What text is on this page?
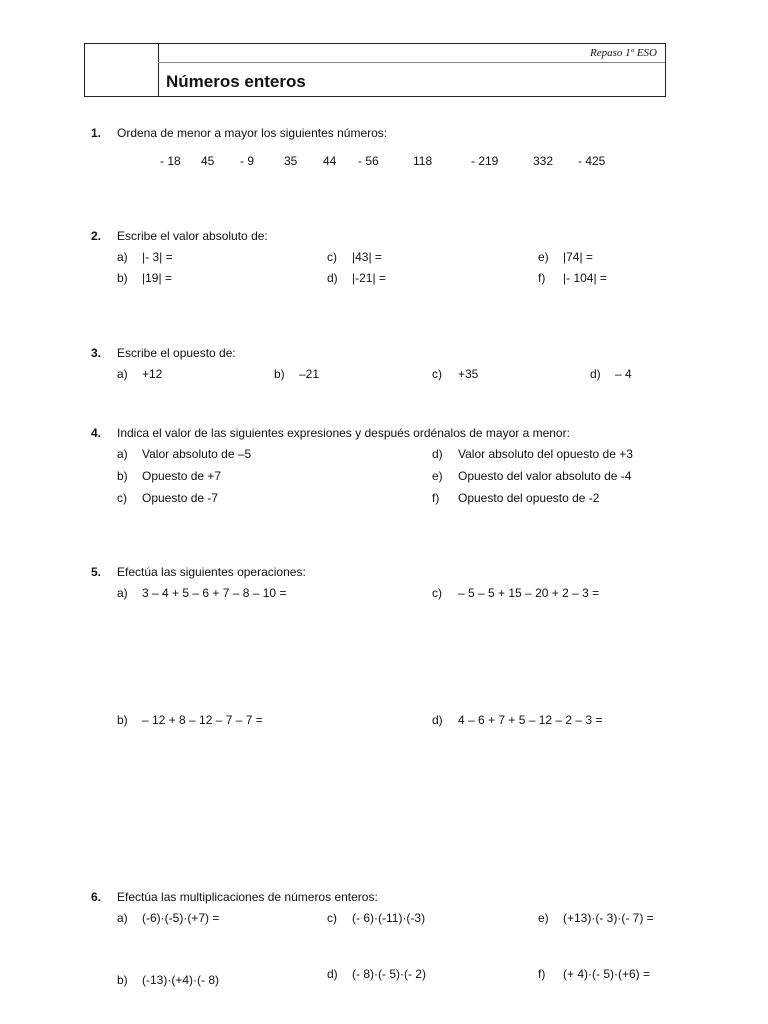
Repaso 1º ESO
Números enteros
1. Ordena de menor a mayor los siguientes números:
- 18 45 - 9 35 44 - 56	118	- 219	332 - 425
2. Escribe el valor absoluto de:
a) |- 3| =
b) |19| =
c) |43| =
d) |-21| =
e) |74| =
f) |- 104| =
3. Escribe el opuesto de:
a) +12	b) –21	c) +35	d) – 4
4. Indica el valor de las siguientes expresiones y después ordénalos de mayor a menor:
a) Valor absoluto de –5
b) Opuesto de +7
c) Opuesto de -7
d) Valor absoluto del opuesto de +3
e) Opuesto del valor absoluto de -4
f) Opuesto del opuesto de -2
5. Efectúa las siguientes operaciones:
a) 3 – 4 + 5 – 6 + 7 – 8 – 10 =	c) – 5 – 5 + 15 – 20 + 2 – 3 =
b) – 12 + 8 – 12 – 7 – 7 =	d) 4 – 6 + 7 + 5 – 12 – 2 – 3 =
6. Efectúa las multiplicaciones de números enteros:
a) (-6)·(-5)·(+7) =	c) (- 6)·(-11)·(-3)	e) (+13)·(- 3)·(- 7) =
b) (-13)·(+4)·(- 8)	d) (- 8)·(- 5)·(- 2)	f) (+ 4)·(- 5)·(+6) =
